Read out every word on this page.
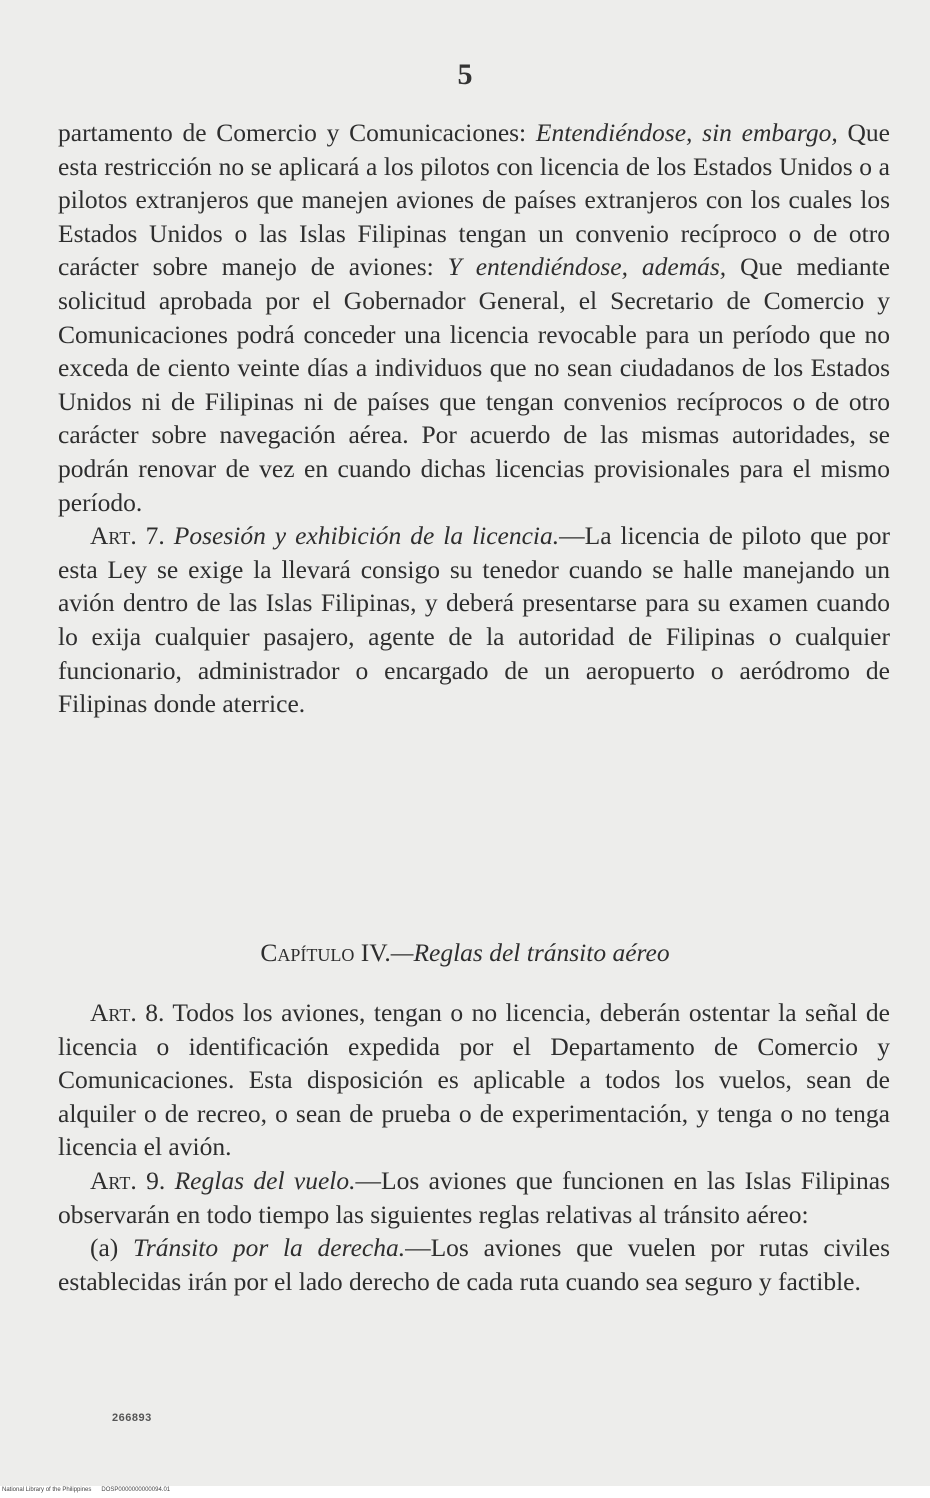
5

partamento de Comercio y Comunicaciones: Entendiéndose, sin embargo, Que esta restricción no se aplicará a los pilotos con licencia de los Estados Unidos o a pilotos extranjeros que manejen aviones de países extranjeros con los cuales los Estados Unidos o las Islas Filipinas tengan un convenio recíproco o de otro carácter sobre manejo de aviones: Y entendiéndose, además, Que mediante solicitud aprobada por el Gobernador General, el Secretario de Comercio y Comunicaciones podrá conceder una licencia revocable para un período que no exceda de ciento veinte días a individuos que no sean ciudadanos de los Estados Unidos ni de Filipinas ni de países que tengan convenios recíprocos o de otro carácter sobre navegación aérea. Por acuerdo de las mismas autoridades, se podrán renovar de vez en cuando dichas licencias provisionales para el mismo período.

Art. 7. Posesión y exhibición de la licencia.—La licencia de piloto que por esta Ley se exige la llevará consigo su tenedor cuando se halle manejando un avión dentro de las Islas Filipinas, y deberá presentarse para su examen cuando lo exija cualquier pasajero, agente de la autoridad de Filipinas o cualquier funcionario, administrador o encargado de un aeropuerto o aeródromo de Filipinas donde aterrice.

Capítulo IV.—Reglas del tránsito aéreo

Art. 8. Todos los aviones, tengan o no licencia, deberán ostentar la señal de licencia o identificación expedida por el Departamento de Comercio y Comunicaciones. Esta disposición es aplicable a todos los vuelos, sean de alquiler o de recreo, o sean de prueba o de experimentación, y tenga o no tenga licencia el avión.

Art. 9. Reglas del vuelo.—Los aviones que funcionen en las Islas Filipinas observarán en todo tiempo las siguientes reglas relativas al tránsito aéreo:

(a) Tránsito por la derecha.—Los aviones que vuelen por rutas civiles establecidas irán por el lado derecho de cada ruta cuando sea seguro y factible.

266893
National Library of the Philippines DOSP0000000000094.01
